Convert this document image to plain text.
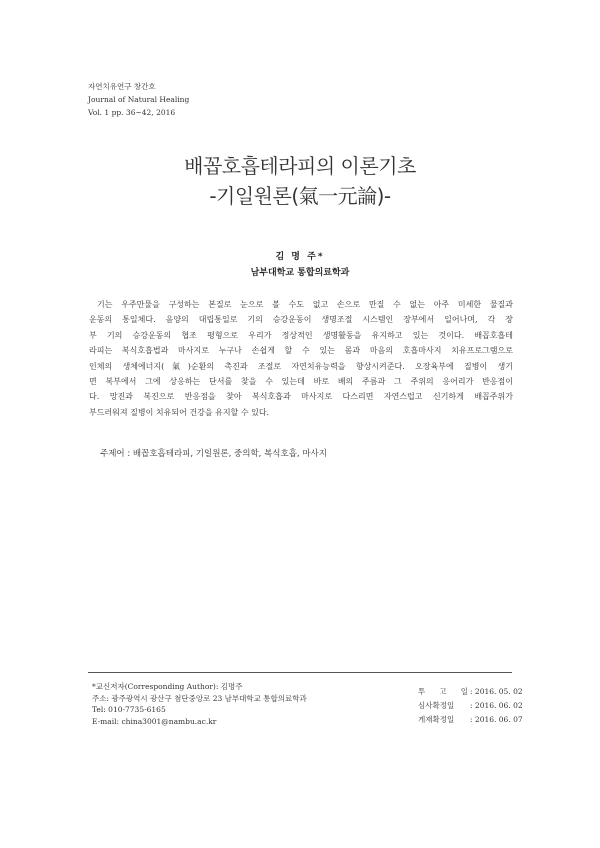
자연치유연구 창간호
Journal of Natural Healing
Vol. 1 pp. 36~42, 2016
배꼽호흡테라피의 이론기초
-기일원론(氣一元論)-
김 명 주*
남부대학교 통합의료학과
기는 우주만물을 구성하는 본질로 눈으로 볼 수도 없고 손으로 만질 수 없는 아주 미세한 물질과
운동의 통일체다. 음양의 대립통일로 기의 승강운동이 생명조절 시스템인 장부에서 일어나며, 각 장
부 기의 승강운동의 협조 평형으로 우리가 정상적인 생명활동을 유지하고 있는 것이다. 배꼽호흡테
라피는 복식호흡법과 마사지로 누구나 손쉽게 할 수 있는 몸과 마음의 호흡마사지 치유프로그램으로
인체의 생체에너지(氣)순환의 촉진과 조절로 자연치유능력을 향상시켜준다. 오장육부에 질병이 생기
면 복부에서 그에 상응하는 단서를 찾을 수 있는데 바로 배의 주름과 그 주위의 응어리가 반응점이
다. 망진과 복진으로 반응점을 찾아 복식호흡과 마사지로 다스리면 자연스럽고 신기하게 배꼽주위가
부드러워져 질병이 치유되어 건강을 유지할 수 있다.
주제어 : 배꼽호흡테라피, 기일원론, 중의학, 복식호흡, 마사지
*교신저자(Corresponding Author): 김명주
주소: 광주광역시 광산구 첨단중앙로 23 남부대학교 통합의료학과
Tel: 010-7735-6165
E-mail: china3001@nambu.ac.kr
투 고 일 : 2016. 05. 02
심사확정일 : 2016. 06. 02
게재확정일 : 2016. 06. 07
